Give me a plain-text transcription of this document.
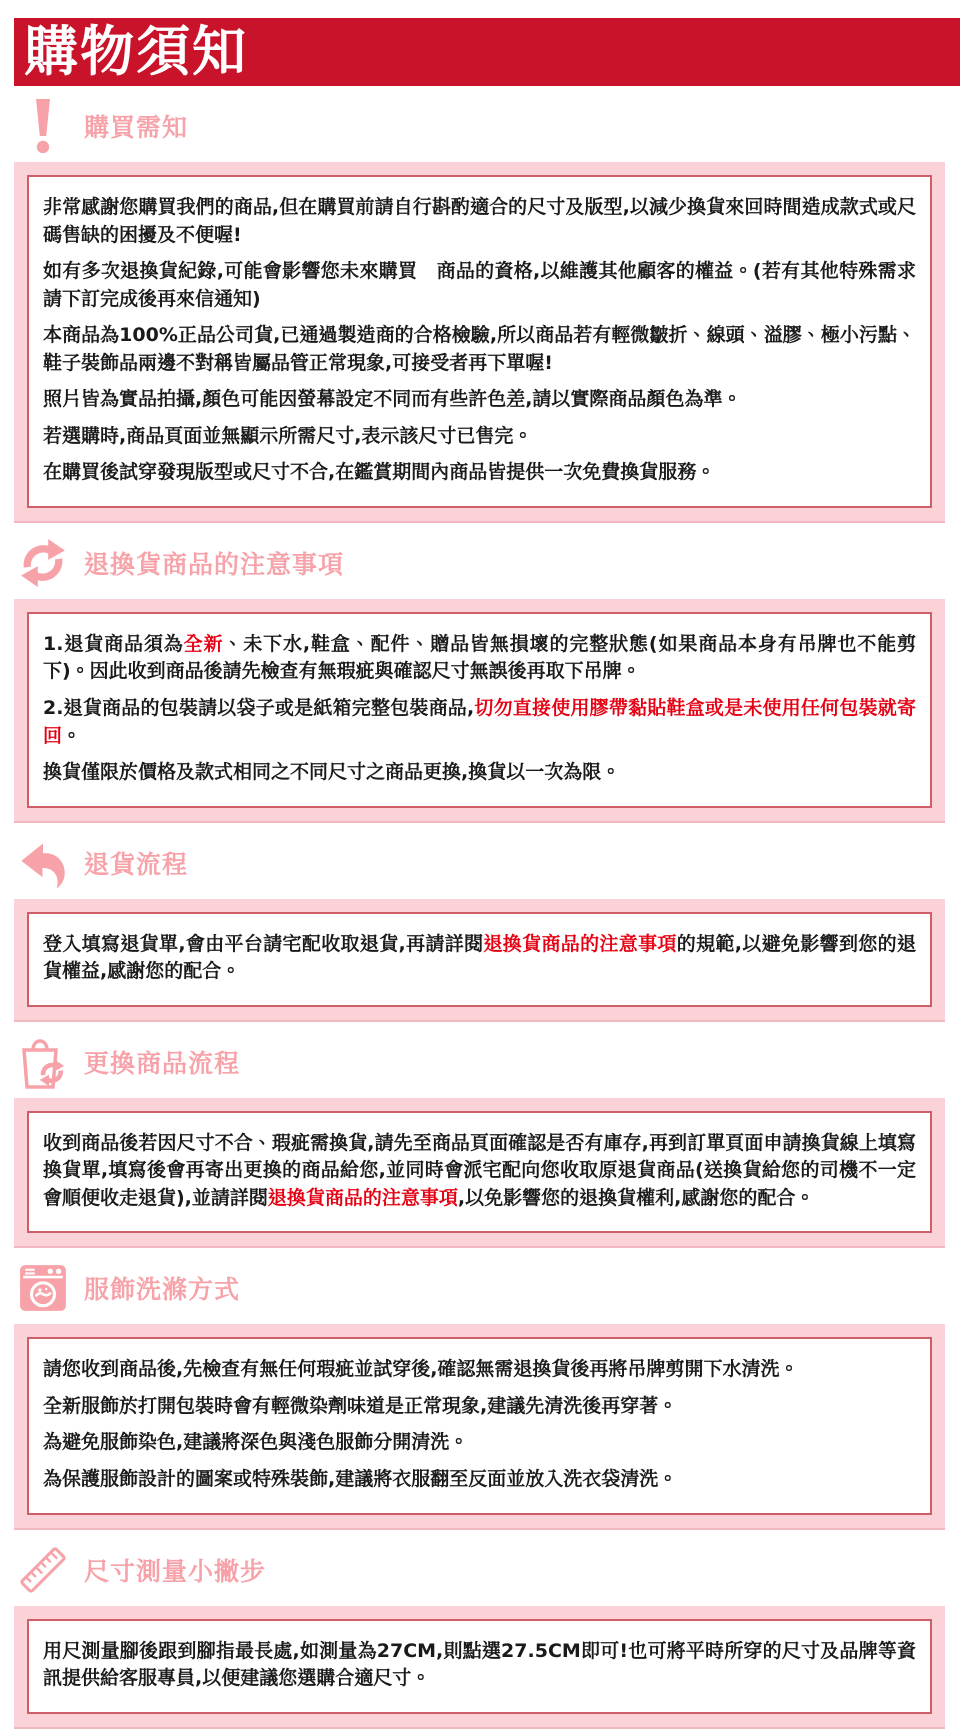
購物須知
購買需知

非常感謝您購買我們的商品,但在購買前請自行斟酌適合的尺寸及版型,以減少換貨來回時間造成款式或尺碼售缺的困擾及不便喔!

如有多次退換貨紀錄,可能會影響您未來購買　商品的資格,以維護其他顧客的權益。(若有其他特殊需求請下訂完成後再來信通知)

本商品為100%正品公司貨,已通過製造商的合格檢驗,所以商品若有輕微皺折、線頭、溢膠、極小污點、鞋子裝飾品兩邊不對稱皆屬品管正常現象,可接受者再下單喔!

照片皆為實品拍攝,顏色可能因螢幕設定不同而有些許色差,請以實際商品顏色為準。

若選購時,商品頁面並無顯示所需尺寸,表示該尺寸已售完。

在購買後試穿發現版型或尺寸不合,在鑑賞期間內商品皆提供一次免費換貨服務。

退換貨商品的注意事項

1.退貨商品須為全新、未下水,鞋盒、配件、贈品皆無損壞的完整狀態(如果商品本身有吊牌也不能剪下)。因此收到商品後請先檢查有無瑕疵與確認尺寸無誤後再取下吊牌。

2.退貨商品的包裝請以袋子或是紙箱完整包裝商品,切勿直接使用膠帶黏貼鞋盒或是未使用任何包裝就寄回。

換貨僅限於價格及款式相同之不同尺寸之商品更換,換貨以一次為限。

退貨流程

登入填寫退貨單,會由平台請宅配收取退貨,再請詳閱退換貨商品的注意事項的規範,以避免影響到您的退貨權益,感謝您的配合。

更換商品流程

收到商品後若因尺寸不合、瑕疵需換貨,請先至商品頁面確認是否有庫存,再到訂單頁面申請換貨線上填寫換貨單,填寫後會再寄出更換的商品給您,並同時會派宅配向您收取原退貨商品(送換貨給您的司機不一定會順便收走退貨),並請詳閱退換貨商品的注意事項,以免影響您的退換貨權利,感謝您的配合。

服飾洗滌方式

請您收到商品後,先檢查有無任何瑕疵並試穿後,確認無需退換貨後再將吊牌剪開下水清洗。

全新服飾於打開包裝時會有輕微染劑味道是正常現象,建議先清洗後再穿著。

為避免服飾染色,建議將深色與淺色服飾分開清洗。

為保護服飾設計的圖案或特殊裝飾,建議將衣服翻至反面並放入洗衣袋清洗。

尺寸測量小撇步

用尺測量腳後跟到腳指最長處,如測量為27CM,則點選27.5CM即可!也可將平時所穿的尺寸及品牌等資訊提供給客服專員,以便建議您選購合適尺寸。
